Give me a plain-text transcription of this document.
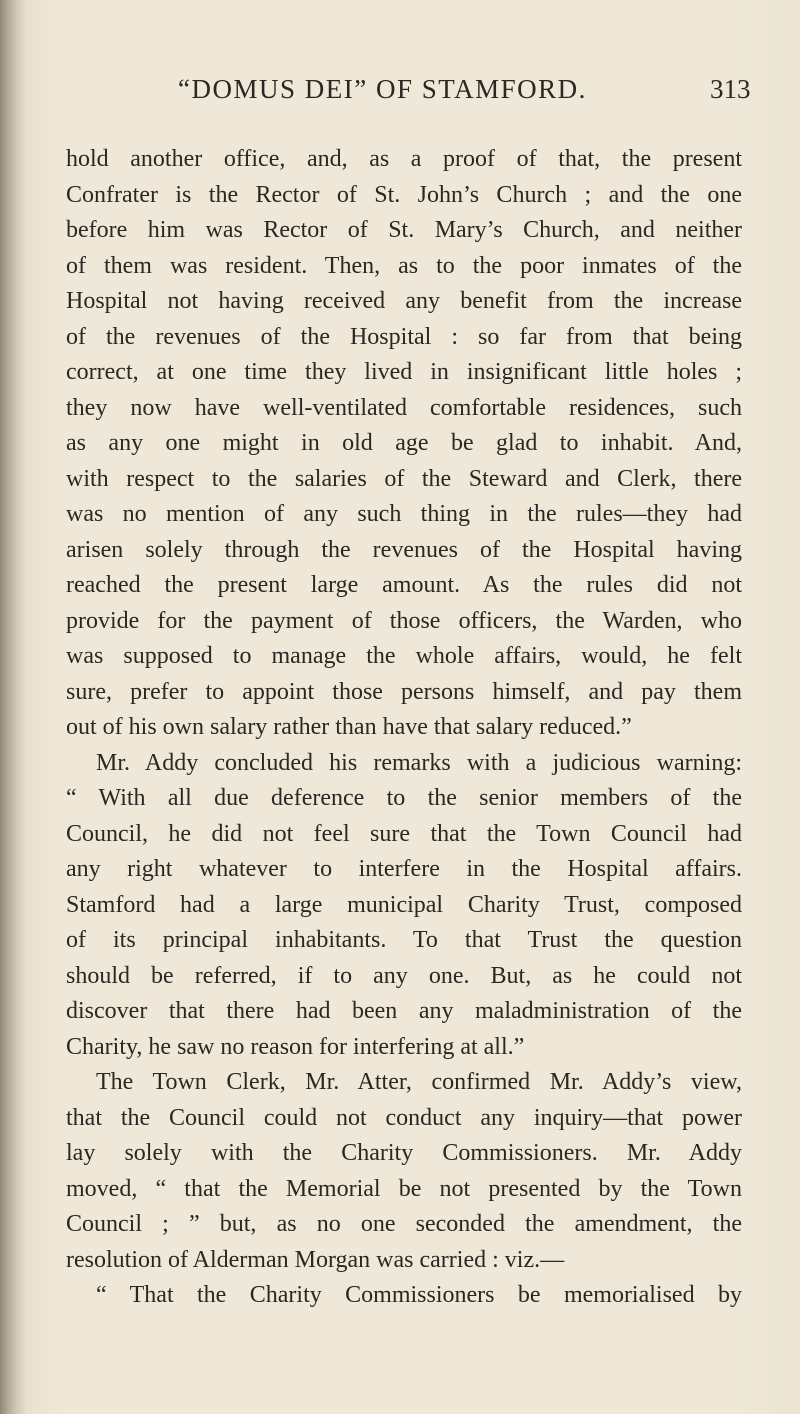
“DOMUS DEI” OF STAMFORD.	313
hold another office, and, as a proof of that, the present
Confrater is the Rector of St. John’s Church ; and the one
before him was Rector of St. Mary’s Church, and neither
of them was resident. Then, as to the poor inmates of the
Hospital not having received any benefit from the increase
of the revenues of the Hospital : so far from that being
correct, at one time they lived in insignificant little holes ;
they now have well-ventilated comfortable residences, such
as any one might in old age be glad to inhabit. And,
with respect to the salaries of the Steward and Clerk, there
was no mention of any such thing in the rules—they had
arisen solely through the revenues of the Hospital having
reached the present large amount. As the rules did not
provide for the payment of those officers, the Warden, who
was supposed to manage the whole affairs, would, he felt
sure, prefer to appoint those persons himself, and pay them
out of his own salary rather than have that salary reduced.”
Mr. Addy concluded his remarks with a judicious warning:
“ With all due deference to the senior members of the
Council, he did not feel sure that the Town Council had
any right whatever to interfere in the Hospital affairs.
Stamford had a large municipal Charity Trust, composed
of its principal inhabitants. To that Trust the question
should be referred, if to any one. But, as he could not
discover that there had been any maladministration of the
Charity, he saw no reason for interfering at all.”
The Town Clerk, Mr. Atter, confirmed Mr. Addy’s view,
that the Council could not conduct any inquiry—that power
lay solely with the Charity Commissioners. Mr. Addy
moved, “ that the Memorial be not presented by the Town
Council ; ” but, as no one seconded the amendment, the
resolution of Alderman Morgan was carried : viz.—
“ That the Charity Commissioners be memorialised by
